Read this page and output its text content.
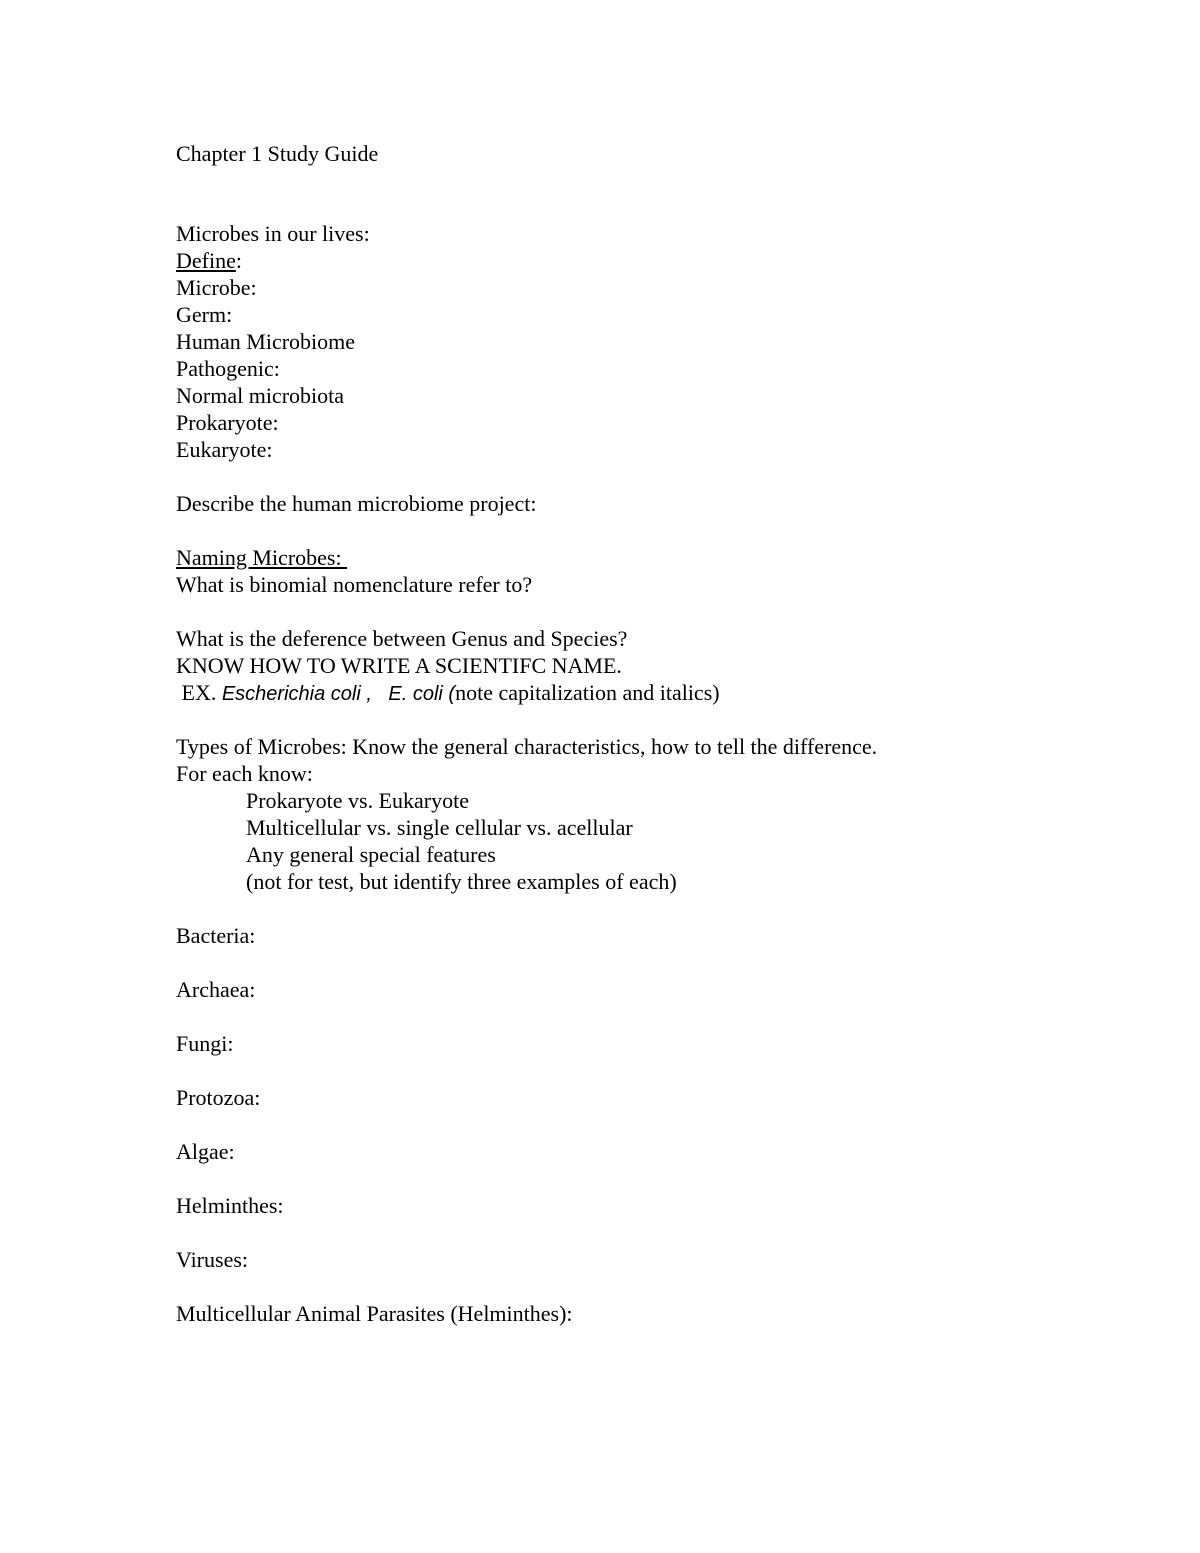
Chapter 1 Study Guide
Microbes in our lives:
Define:
Microbe:
Germ:
Human Microbiome
Pathogenic:
Normal microbiota
Prokaryote:
Eukaryote:
Describe the human microbiome project:
Naming Microbes:
What is binomial nomenclature refer to?
What is the deference between Genus and Species?
KNOW HOW TO WRITE A SCIENTIFC NAME.
EX. Escherichia coli , E. coli (note capitalization and italics)
Types of Microbes: Know the general characteristics, how to tell the difference.
For each know:
Prokaryote vs. Eukaryote
Multicellular vs. single cellular vs. acellular
Any general special features
(not for test, but identify three examples of each)
Bacteria:
Archaea:
Fungi:
Protozoa:
Algae:
Helminthes:
Viruses:
Multicellular Animal Parasites (Helminthes):
